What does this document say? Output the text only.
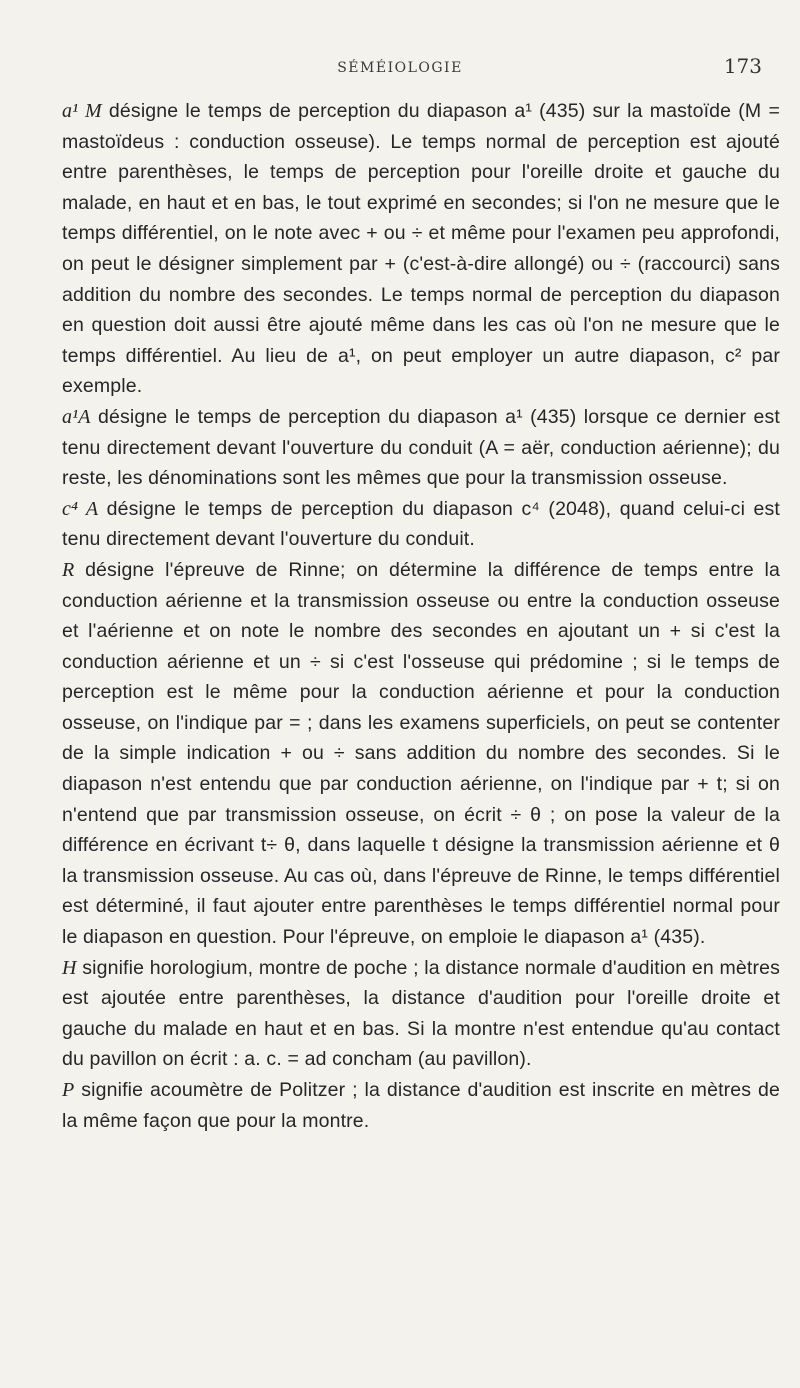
SÉMÉIOLOGIE	173

a¹ M désigne le temps de perception du diapason a¹ (435) sur la mastoïde (M = mastoïdeus : conduction osseuse). Le temps normal de perception est ajouté entre parenthèses, le temps de perception pour l'oreille droite et gauche du malade, en haut et en bas, le tout exprimé en secondes; si l'on ne mesure que le temps différentiel, on le note avec + ou ÷ et même pour l'examen peu approfondi, on peut le désigner simplement par + (c'est-à-dire allongé) ou ÷ (raccourci) sans addition du nombre des secondes. Le temps normal de perception du diapason en question doit aussi être ajouté même dans les cas où l'on ne mesure que le temps différentiel. Au lieu de a¹, on peut employer un autre diapason, c² par exemple.

a¹A désigne le temps de perception du diapason a¹ (435) lorsque ce dernier est tenu directement devant l'ouverture du conduit (A = aër, conduction aérienne); du reste, les dénominations sont les mêmes que pour la transmission osseuse.

c⁴ A désigne le temps de perception du diapason c⁴ (2048), quand celui-ci est tenu directement devant l'ouverture du conduit.

R désigne l'épreuve de Rinne; on détermine la différence de temps entre la conduction aérienne et la transmission osseuse ou entre la conduction osseuse et l'aérienne et on note le nombre des secondes en ajoutant un + si c'est la conduction aérienne et un ÷ si c'est l'osseuse qui prédomine ; si le temps de perception est le même pour la conduction aérienne et pour la conduction osseuse, on l'indique par = ; dans les examens superficiels, on peut se contenter de la simple indication + ou ÷ sans addition du nombre des secondes. Si le diapason n'est entendu que par conduction aérienne, on l'indique par + t; si on n'entend que par transmission osseuse, on écrit ÷ θ ; on pose la valeur de la différence en écrivant t÷ θ, dans laquelle t désigne la transmission aérienne et θ la transmission osseuse. Au cas où, dans l'épreuve de Rinne, le temps différentiel est déterminé, il faut ajouter entre parenthèses le temps différentiel normal pour le diapason en question. Pour l'épreuve, on emploie le diapason a¹ (435).

H signifie horologium, montre de poche ; la distance normale d'audition en mètres est ajoutée entre parenthèses, la distance d'audition pour l'oreille droite et gauche du malade en haut et en bas. Si la montre n'est entendue qu'au contact du pavillon on écrit : a. c. = ad concham (au pavillon).

P signifie acoumètre de Politzer ; la distance d'audition est inscrite en mètres de la même façon que pour la montre.
